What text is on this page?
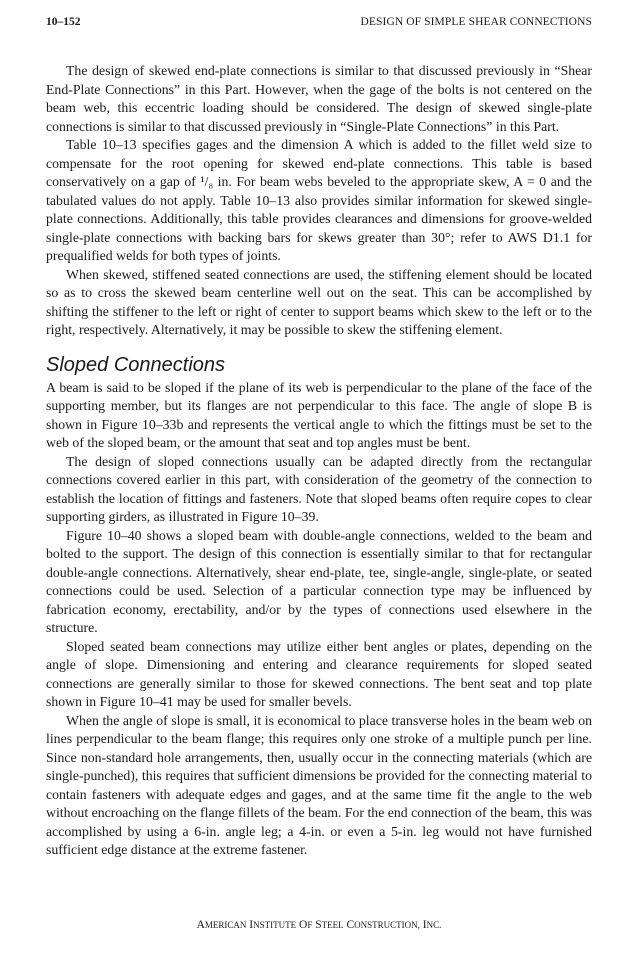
10–152	DESIGN OF SIMPLE SHEAR CONNECTIONS

The design of skewed end-plate connections is similar to that discussed previously in “Shear End-Plate Connections” in this Part. However, when the gage of the bolts is not centered on the beam web, this eccentric loading should be considered. The design of skewed single-plate connections is similar to that discussed previously in “Single-Plate Connections” in this Part.

Table 10–13 specifies gages and the dimension A which is added to the fillet weld size to compensate for the root opening for skewed end-plate connections. This table is based conservatively on a gap of ¹/₈ in. For beam webs beveled to the appropriate skew, A = 0 and the tabulated values do not apply. Table 10–13 also provides similar information for skewed single-plate connections. Additionally, this table provides clearances and dimensions for groove-welded single-plate connections with backing bars for skews greater than 30°; refer to AWS D1.1 for prequalified welds for both types of joints.

When skewed, stiffened seated connections are used, the stiffening element should be located so as to cross the skewed beam centerline well out on the seat. This can be accomplished by shifting the stiffener to the left or right of center to support beams which skew to the left or to the right, respectively. Alternatively, it may be possible to skew the stiffening element.

Sloped Connections

A beam is said to be sloped if the plane of its web is perpendicular to the plane of the face of the supporting member, but its flanges are not perpendicular to this face. The angle of slope B is shown in Figure 10–33b and represents the vertical angle to which the fittings must be set to the web of the sloped beam, or the amount that seat and top angles must be bent.

The design of sloped connections usually can be adapted directly from the rectangular connections covered earlier in this part, with consideration of the geometry of the connection to establish the location of fittings and fasteners. Note that sloped beams often require copes to clear supporting girders, as illustrated in Figure 10–39.

Figure 10–40 shows a sloped beam with double-angle connections, welded to the beam and bolted to the support. The design of this connection is essentially similar to that for rectangular double-angle connections. Alternatively, shear end-plate, tee, single-angle, single-plate, or seated connections could be used. Selection of a particular connection type may be influenced by fabrication economy, erectability, and/or by the types of connections used elsewhere in the structure.

Sloped seated beam connections may utilize either bent angles or plates, depending on the angle of slope. Dimensioning and entering and clearance requirements for sloped seated connections are generally similar to those for skewed connections. The bent seat and top plate shown in Figure 10–41 may be used for smaller bevels.

When the angle of slope is small, it is economical to place transverse holes in the beam web on lines perpendicular to the beam flange; this requires only one stroke of a multiple punch per line. Since non-standard hole arrangements, then, usually occur in the connecting materials (which are single-punched), this requires that sufficient dimensions be provided for the connecting material to contain fasteners with adequate edges and gages, and at the same time fit the angle to the web without encroaching on the flange fillets of the beam. For the end connection of the beam, this was accomplished by using a 6-in. angle leg; a 4-in. or even a 5-in. leg would not have furnished sufficient edge distance at the extreme fastener.

AMERICAN INSTITUTE OF STEEL CONSTRUCTION, INC.
